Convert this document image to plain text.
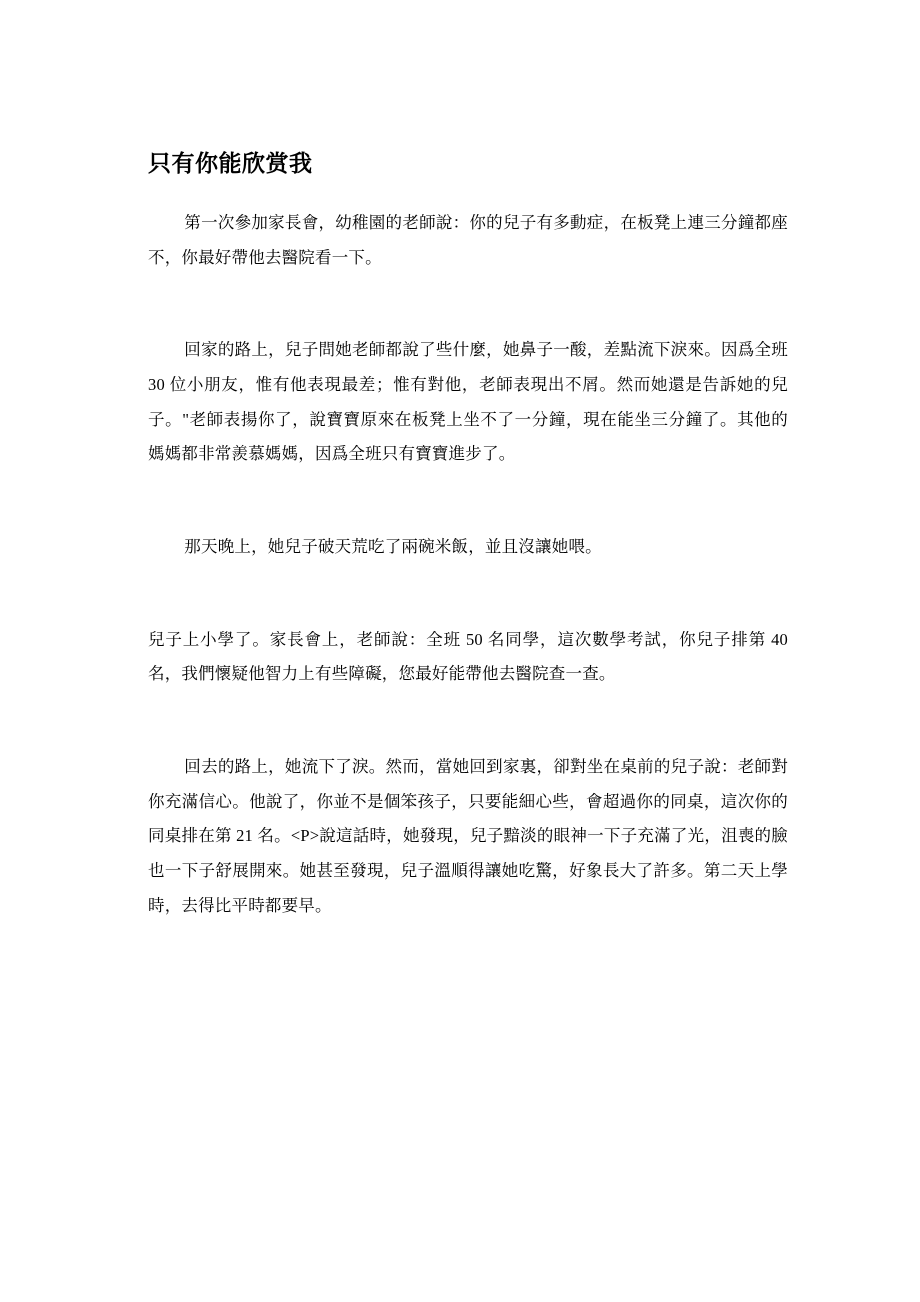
只有你能欣赏我

第一次參加家長會，幼稚園的老師說：你的兒子有多動症，在板凳上連三分鐘都座不，你最好帶他去醫院看一下。

回家的路上，兒子問她老師都說了些什麼，她鼻子一酸，差點流下淚來。因爲全班 30 位小朋友，惟有他表現最差；惟有對他，老師表現出不屑。然而她還是告訴她的兒子。"老師表揚你了，說寶寶原來在板凳上坐不了一分鐘，現在能坐三分鐘了。其他的媽媽都非常羨慕媽媽，因爲全班只有寶寶進步了。

那天晚上，她兒子破天荒吃了兩碗米飯，並且沒讓她喂。

兒子上小學了。家長會上，老師說：全班 50 名同學，這次數學考試，你兒子排第 40 名，我們懷疑他智力上有些障礙，您最好能帶他去醫院查一查。

回去的路上，她流下了淚。然而，當她回到家裏，卻對坐在桌前的兒子說：老師對你充滿信心。他說了，你並不是個笨孩子，只要能細心些，會超過你的同桌，這次你的同桌排在第 21 名。<P>說這話時，她發現，兒子黯淡的眼神一下子充滿了光，沮喪的臉也一下子舒展開來。她甚至發現，兒子溫順得讓她吃驚，好象長大了許多。第二天上學時，去得比平時都要早。
